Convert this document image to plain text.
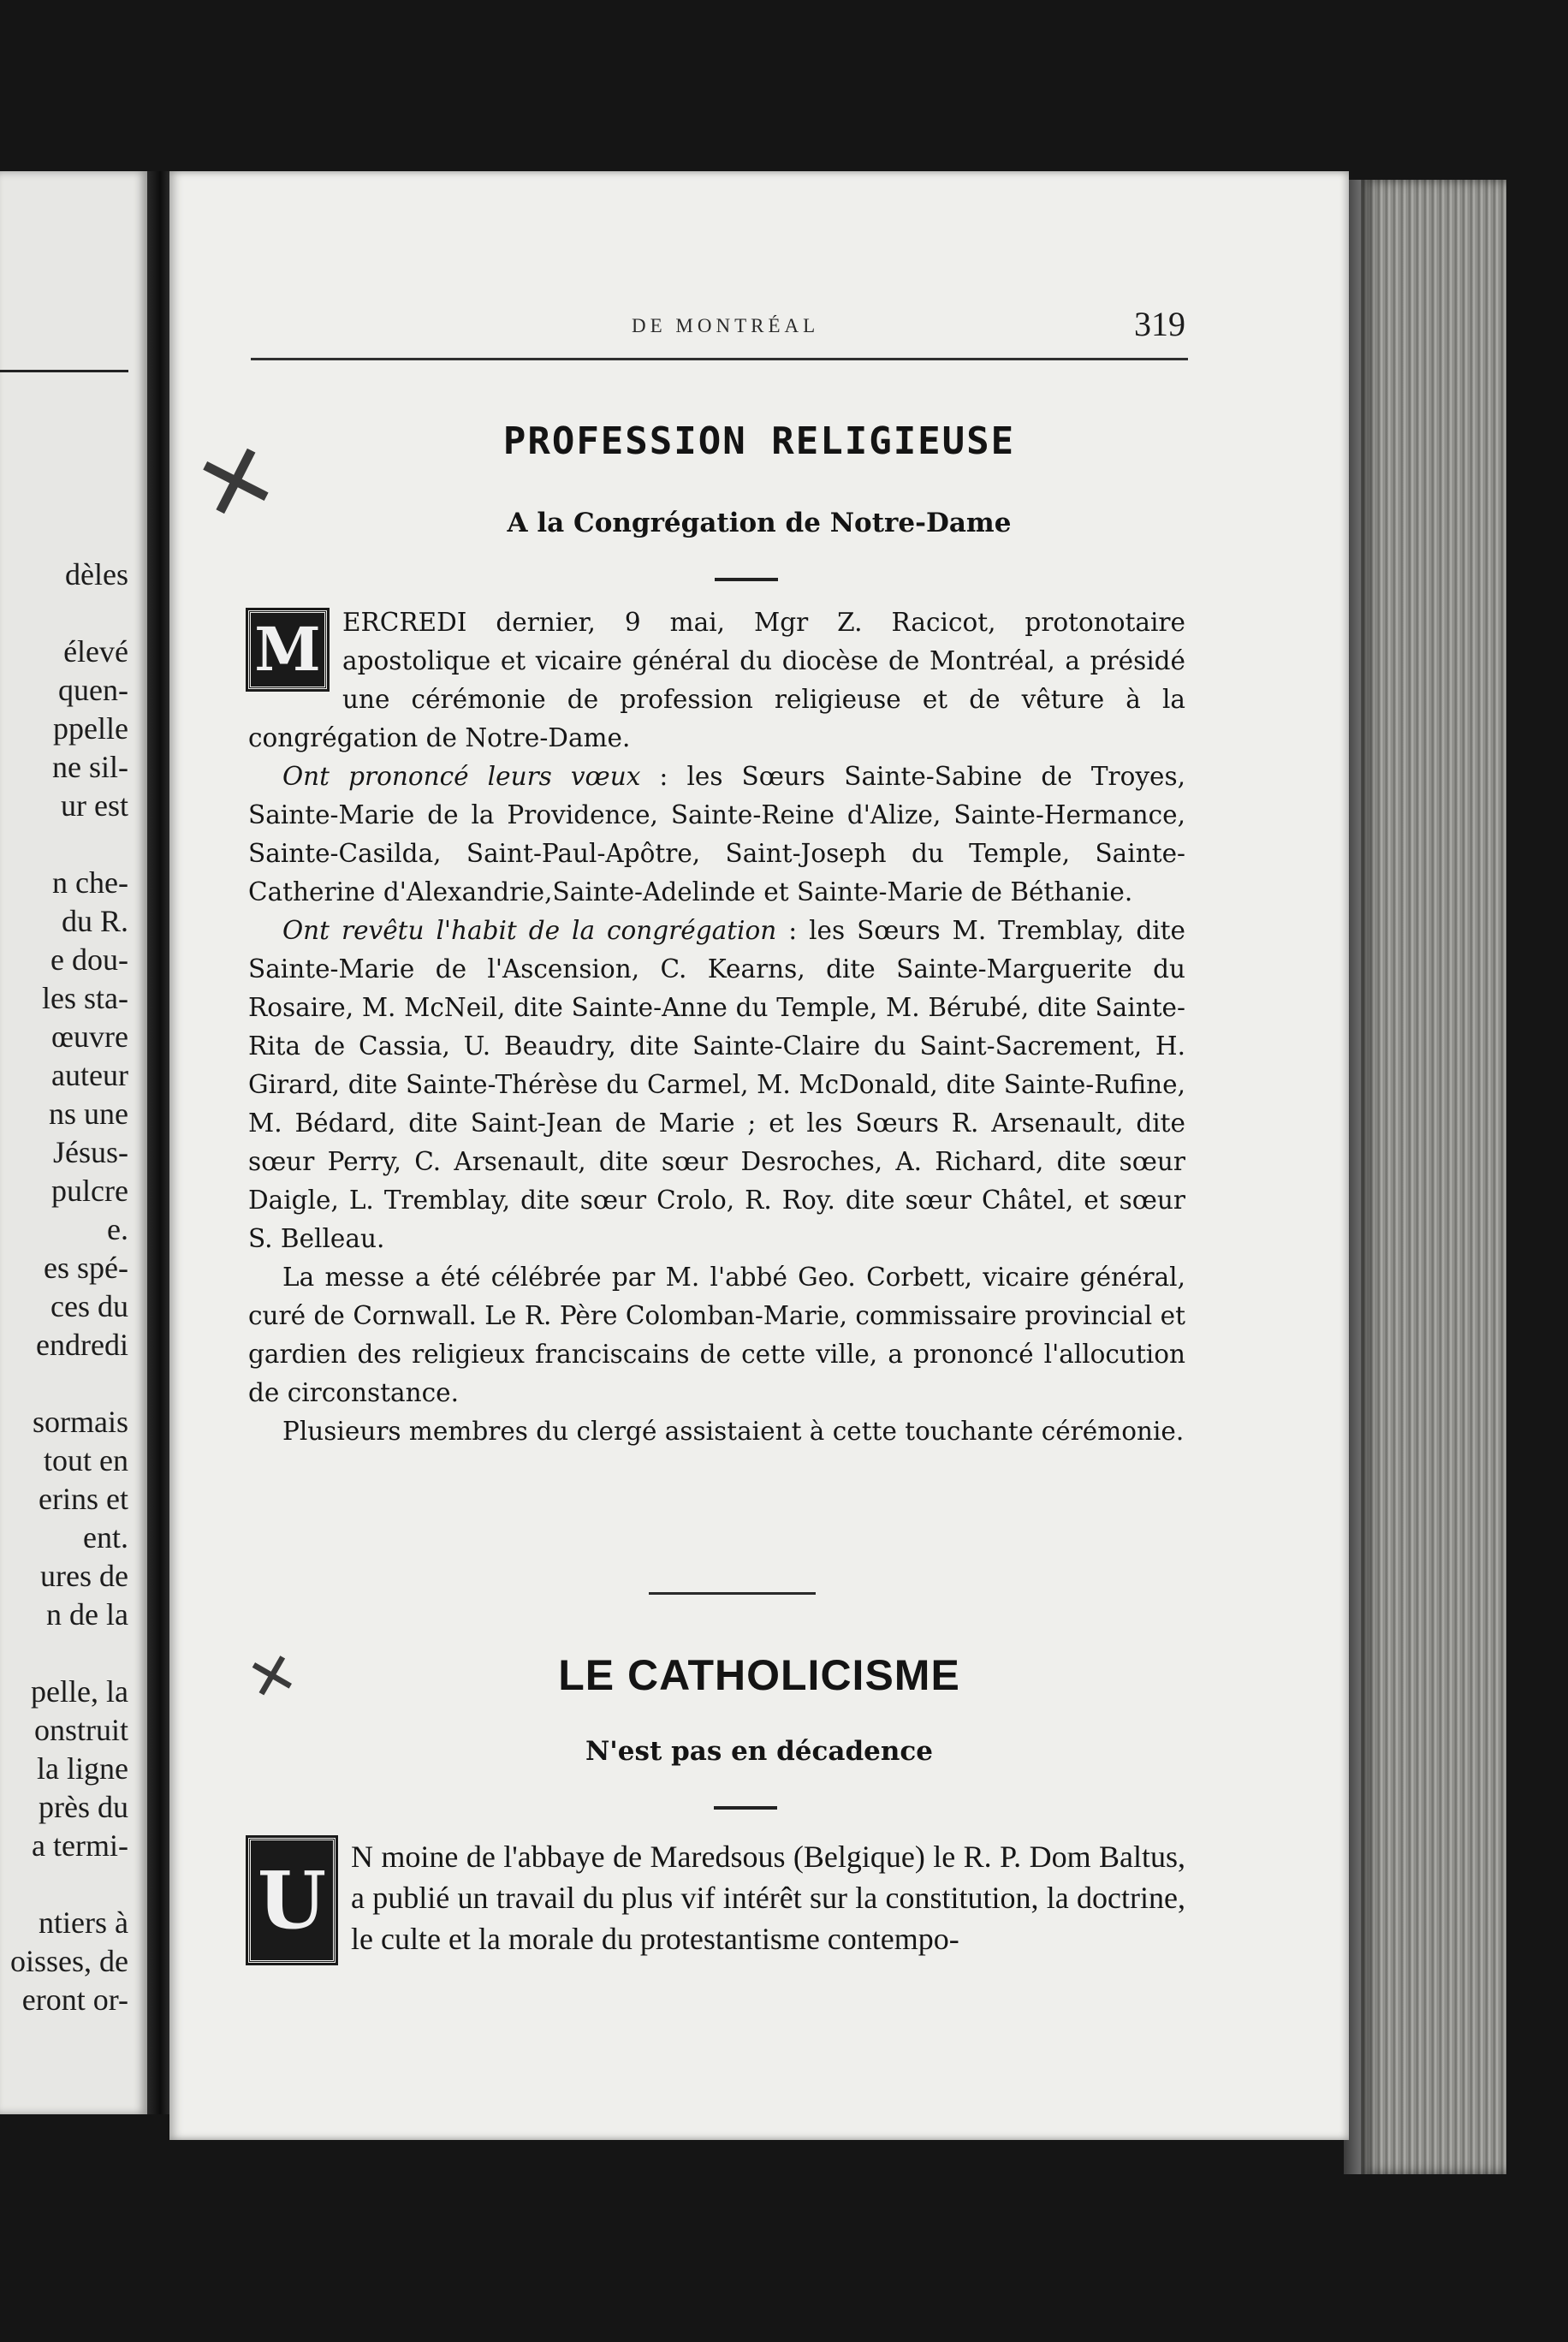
dèles
élevé
quen-
ppelle
ne sil-
ur est
n che-
du R.
e dou-
les sta-
œuvre
auteur
ns une
Jésus-
pulcre
e.
es spé-
ces du
endredi
sormais
tout en
erins et
ent.
ures de
n de la
pelle, la
onstruit
la ligne
près du
a termi-
ntiers à
oisses, de
eront or-
DE MONTRÉAL	319
✕
✕
PROFESSION RELIGIEUSE
A la Congrégation de Notre-Dame

M ERCREDI dernier, 9 mai, Mgr Z. Racicot, protonotaire apostolique et vicaire général du diocèse de Montréal, a présidé une cérémonie de profession religieuse et de vêture à la congrégation de Notre-Dame.

Ont prononcé leurs vœux : les Sœurs Sainte-Sabine de Troyes, Sainte-Marie de la Providence, Sainte-Reine d'Alize, Sainte-Hermance, Sainte-Casilda, Saint-Paul-Apôtre, Saint-Joseph du Temple, Sainte-Catherine d'Alexandrie,Sainte-Adelinde et Sainte-Marie de Béthanie.

Ont revêtu l'habit de la congrégation : les Sœurs M. Tremblay, dite Sainte-Marie de l'Ascension, C. Kearns, dite Sainte-Marguerite du Rosaire, M. McNeil, dite Sainte-Anne du Temple, M. Bérubé, dite Sainte-Rita de Cassia, U. Beaudry, dite Sainte-Claire du Saint-Sacrement, H. Girard, dite Sainte-Thérèse du Carmel, M. McDonald, dite Sainte-Rufine, M. Bédard, dite Saint-Jean de Marie ; et les Sœurs R. Arsenault, dite sœur Perry, C. Arsenault, dite sœur Desroches, A. Richard, dite sœur Daigle, L. Tremblay, dite sœur Crolo, R. Roy. dite sœur Châtel, et sœur S. Belleau.

La messe a été célébrée par M. l'abbé Geo. Corbett, vicaire général, curé de Cornwall. Le R. Père Colomban-Marie, commissaire provincial et gardien des religieux franciscains de cette ville, a prononcé l'allocution de circonstance.

Plusieurs membres du clergé assistaient à cette touchante cérémonie.

LE CATHOLICISME
N'est pas en décadence

U N moine de l'abbaye de Maredsous (Belgique) le R. P. Dom Baltus, a publié un travail du plus vif intérêt sur la constitution, la doctrine, le culte et la morale du protestantisme contempo-
